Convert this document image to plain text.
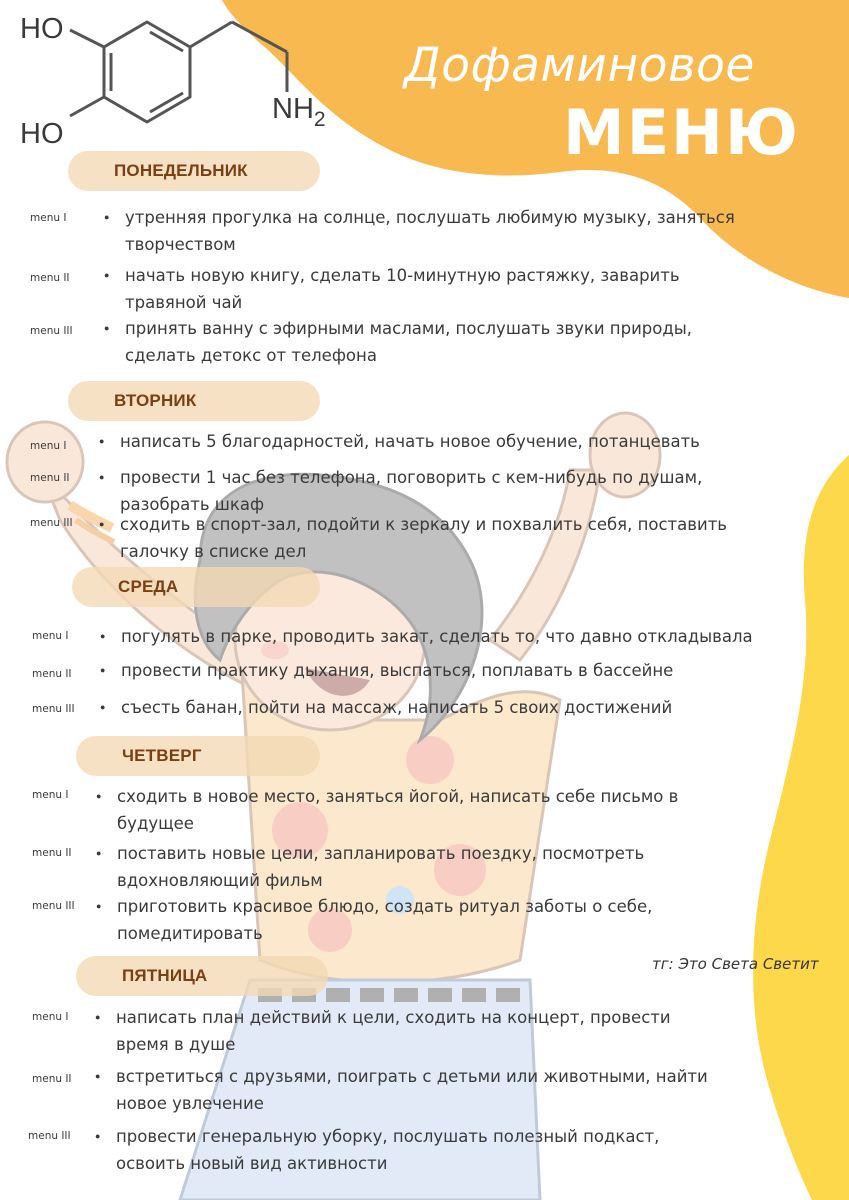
HO
HO
$NH_2$
Дофаминовое
МЕНЮ
ПОНЕДЕЛЬНИК
menu I	● утренняя прогулка на солнце, послушать любимую музыку, заняться
творчеством
menu II	● начать новую книгу, сделать 10-минутную растяжку, заварить
травяной чай
menu III	● принять ванну с эфирными маслами, послушать звуки природы,
сделать детокс от телефона
ВТОРНИК
menu I	● написать 5 благодарностей, начать новое обучение, потанцевать
menu II	● провести 1 час без телефона, поговорить с кем-нибудь по душам,
разобрать шкаф
menu III	● сходить в спорт-зал, подойти к зеркалу и похвалить себя, поставить
галочку в списке дел
СРЕДА
menu I	● погулять в парке, проводить закат, сделать то, что давно откладывала
menu II	● провести практику дыхания, выспаться, поплавать в бассейне
menu III	● съесть банан, пойти на массаж, написать 5 своих достижений
ЧЕТВЕРГ
menu I	● сходить в новое место, заняться йогой, написать себе письмо в
будущее
menu II	● поставить новые цели, запланировать поездку, посмотреть
вдохновляющий фильм
menu III ● приготовить красивое блюдо, создать ритуал заботы о себе,
помедитировать
ПЯТНИЦА
menu I	● написать план действий к цели, сходить на концерт, провести
время в душе
menu II	● встретиться с друзьями, поиграть с детьми или животными, найти
новое увлечение
menu III	● провести генеральную уборку, послушать полезный подкаст,
освоить новый вид активности
тг: Это Света Светит
